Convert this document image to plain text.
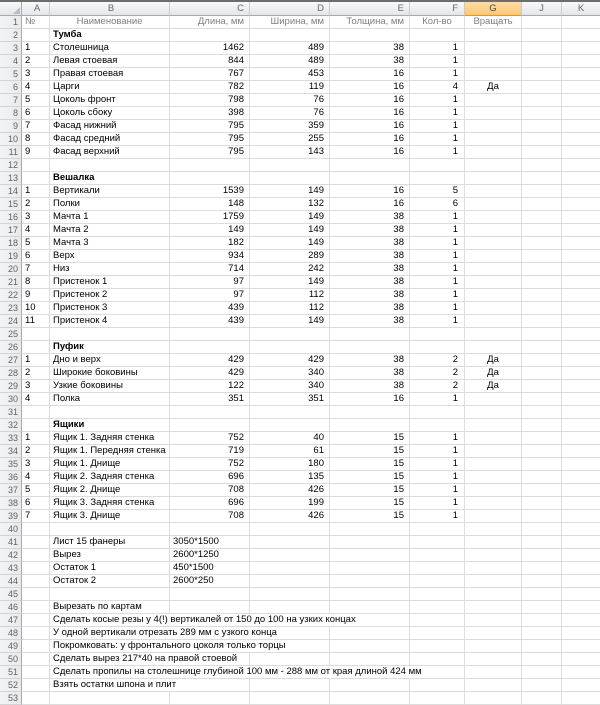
A	B	C	D	E	F	G	J	K
1 №	Наименование	Длина, мм	Ширина, мм	Толщина, мм	Кол-во	Вращать
2	Тумба
3 1	Столешница	1462	489	38	1
4 2	Левая стоевая	844	489	38	1
5 3	Правая стоевая	767	453	16	1
6 4	Царги	782	119	16	4	Да
7 5	Цоколь фронт	798	76	16	1
8 6	Цоколь сбоку	398	76	16	1
9 7	Фасад нижний	795	359	16	1
10 8	Фасад средний	795	255	16	1
11 9	Фасад верхний	795	143	16	1
12
13	Вешалка
14 1	Вертикали	1539	149	16	5
15 2	Полки	148	132	16	6
16 3	Мачта 1	1759	149	38	1
17 4	Мачта 2	149	149	38	1
18 5	Мачта 3	182	149	38	1
19 6	Верх	934	289	38	1
20 7	Низ	714	242	38	1
21 8	Пристенок 1	97	149	38	1
22 9	Пристенок 2	97	112	38	1
23 10	Пристенок 3	439	112	38	1
24 11	Пристенок 4	439	149	38	1
25
26	Пуфик
27 1	Дно и верх	429	429	38	2	Да
28 2	Широкие боковины	429	340	38	2	Да
29 3	Узкие боковины	122	340	38	2	Да
30 4	Полка	351	351	16	1
31
32	Ящики
33 1	Ящик 1. Задняя стенка	752	40	15	1
34 2	Ящик 1. Передняя стенка	719	61	15	1
35 3	Ящик 1. Днище	752	180	15	1
36 4	Ящик 2. Задняя стенка	696	135	15	1
37 5	Ящик 2. Днище	708	426	15	1
38 6	Ящик 3. Задняя стенка	696	199	15	1
39 7	Ящик 3. Днище	708	426	15	1
40
41	Лист 15 фанеры	3050*1500
42	Вырез	2600*1250
43	Остаток 1	450*1500
44	Остаток 2	2600*250
45
46	Вырезать по картам
47	Сделать косые резы у 4(!) вертикалей от 150 до 100 на узких концах
48	У одной вертикали отрезать 289 мм с узкого конца
49	Покромковать: у фронтального цоколя только торцы
50	Сделать вырез 217*40 на правой стоевой
51	Сделать пропилы на столешнице глубиной 100 мм - 288 мм от края длиной 424 мм
52	Взять остатки шпона и плит
53
